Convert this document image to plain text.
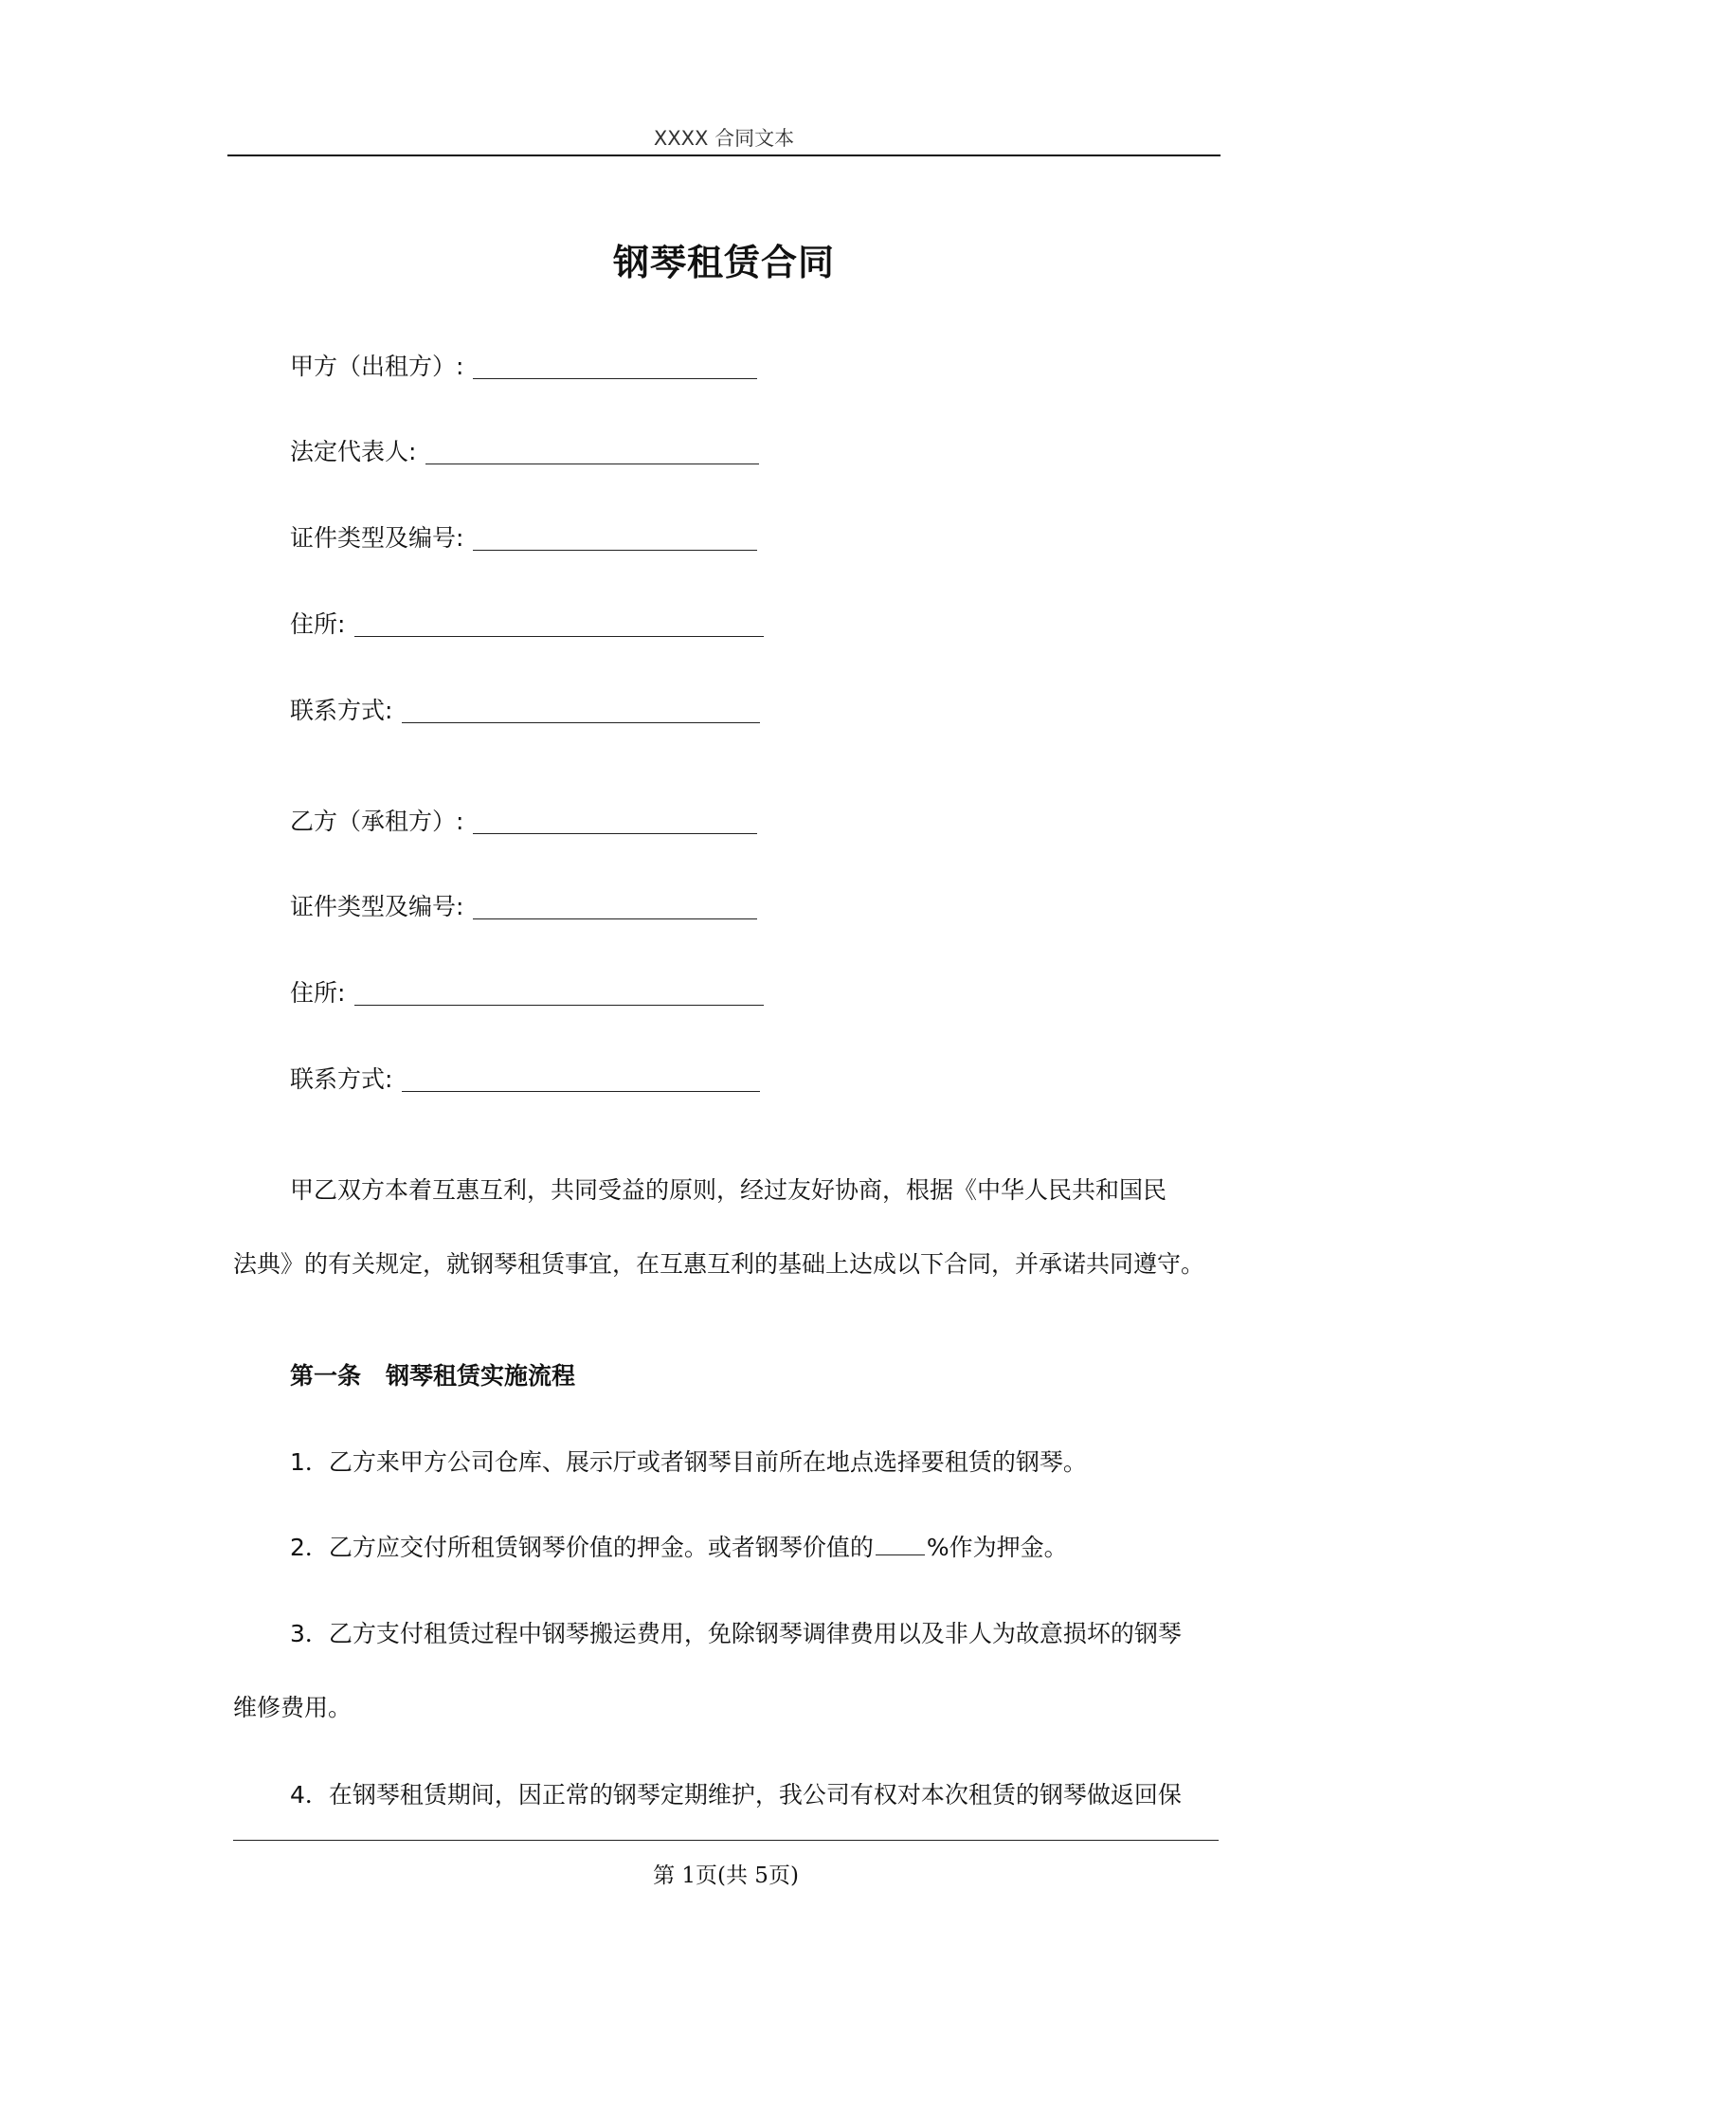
XXXX 合同文本
钢琴租赁合同
甲方（出租方）:
法定代表人:
证件类型及编号:
住所:
联系方式:
乙方（承租方）:
证件类型及编号:
住所:
联系方式:
甲乙双方本着互惠互利，共同受益的原则，经过友好协商，根据《中华人民共和国民
法典》的有关规定，就钢琴租赁事宜，在互惠互利的基础上达成以下合同，并承诺共同遵守。
第一条 钢琴租赁实施流程
1．乙方来甲方公司仓库、展示厅或者钢琴目前所在地点选择要租赁的钢琴。
2．乙方应交付所租赁钢琴价值的押金。或者钢琴价值的 %作为押金。
3．乙方支付租赁过程中钢琴搬运费用，免除钢琴调律费用以及非人为故意损坏的钢琴
维修费用。
4．在钢琴租赁期间，因正常的钢琴定期维护，我公司有权对本次租赁的钢琴做返回保
第 1页(共 5页)
